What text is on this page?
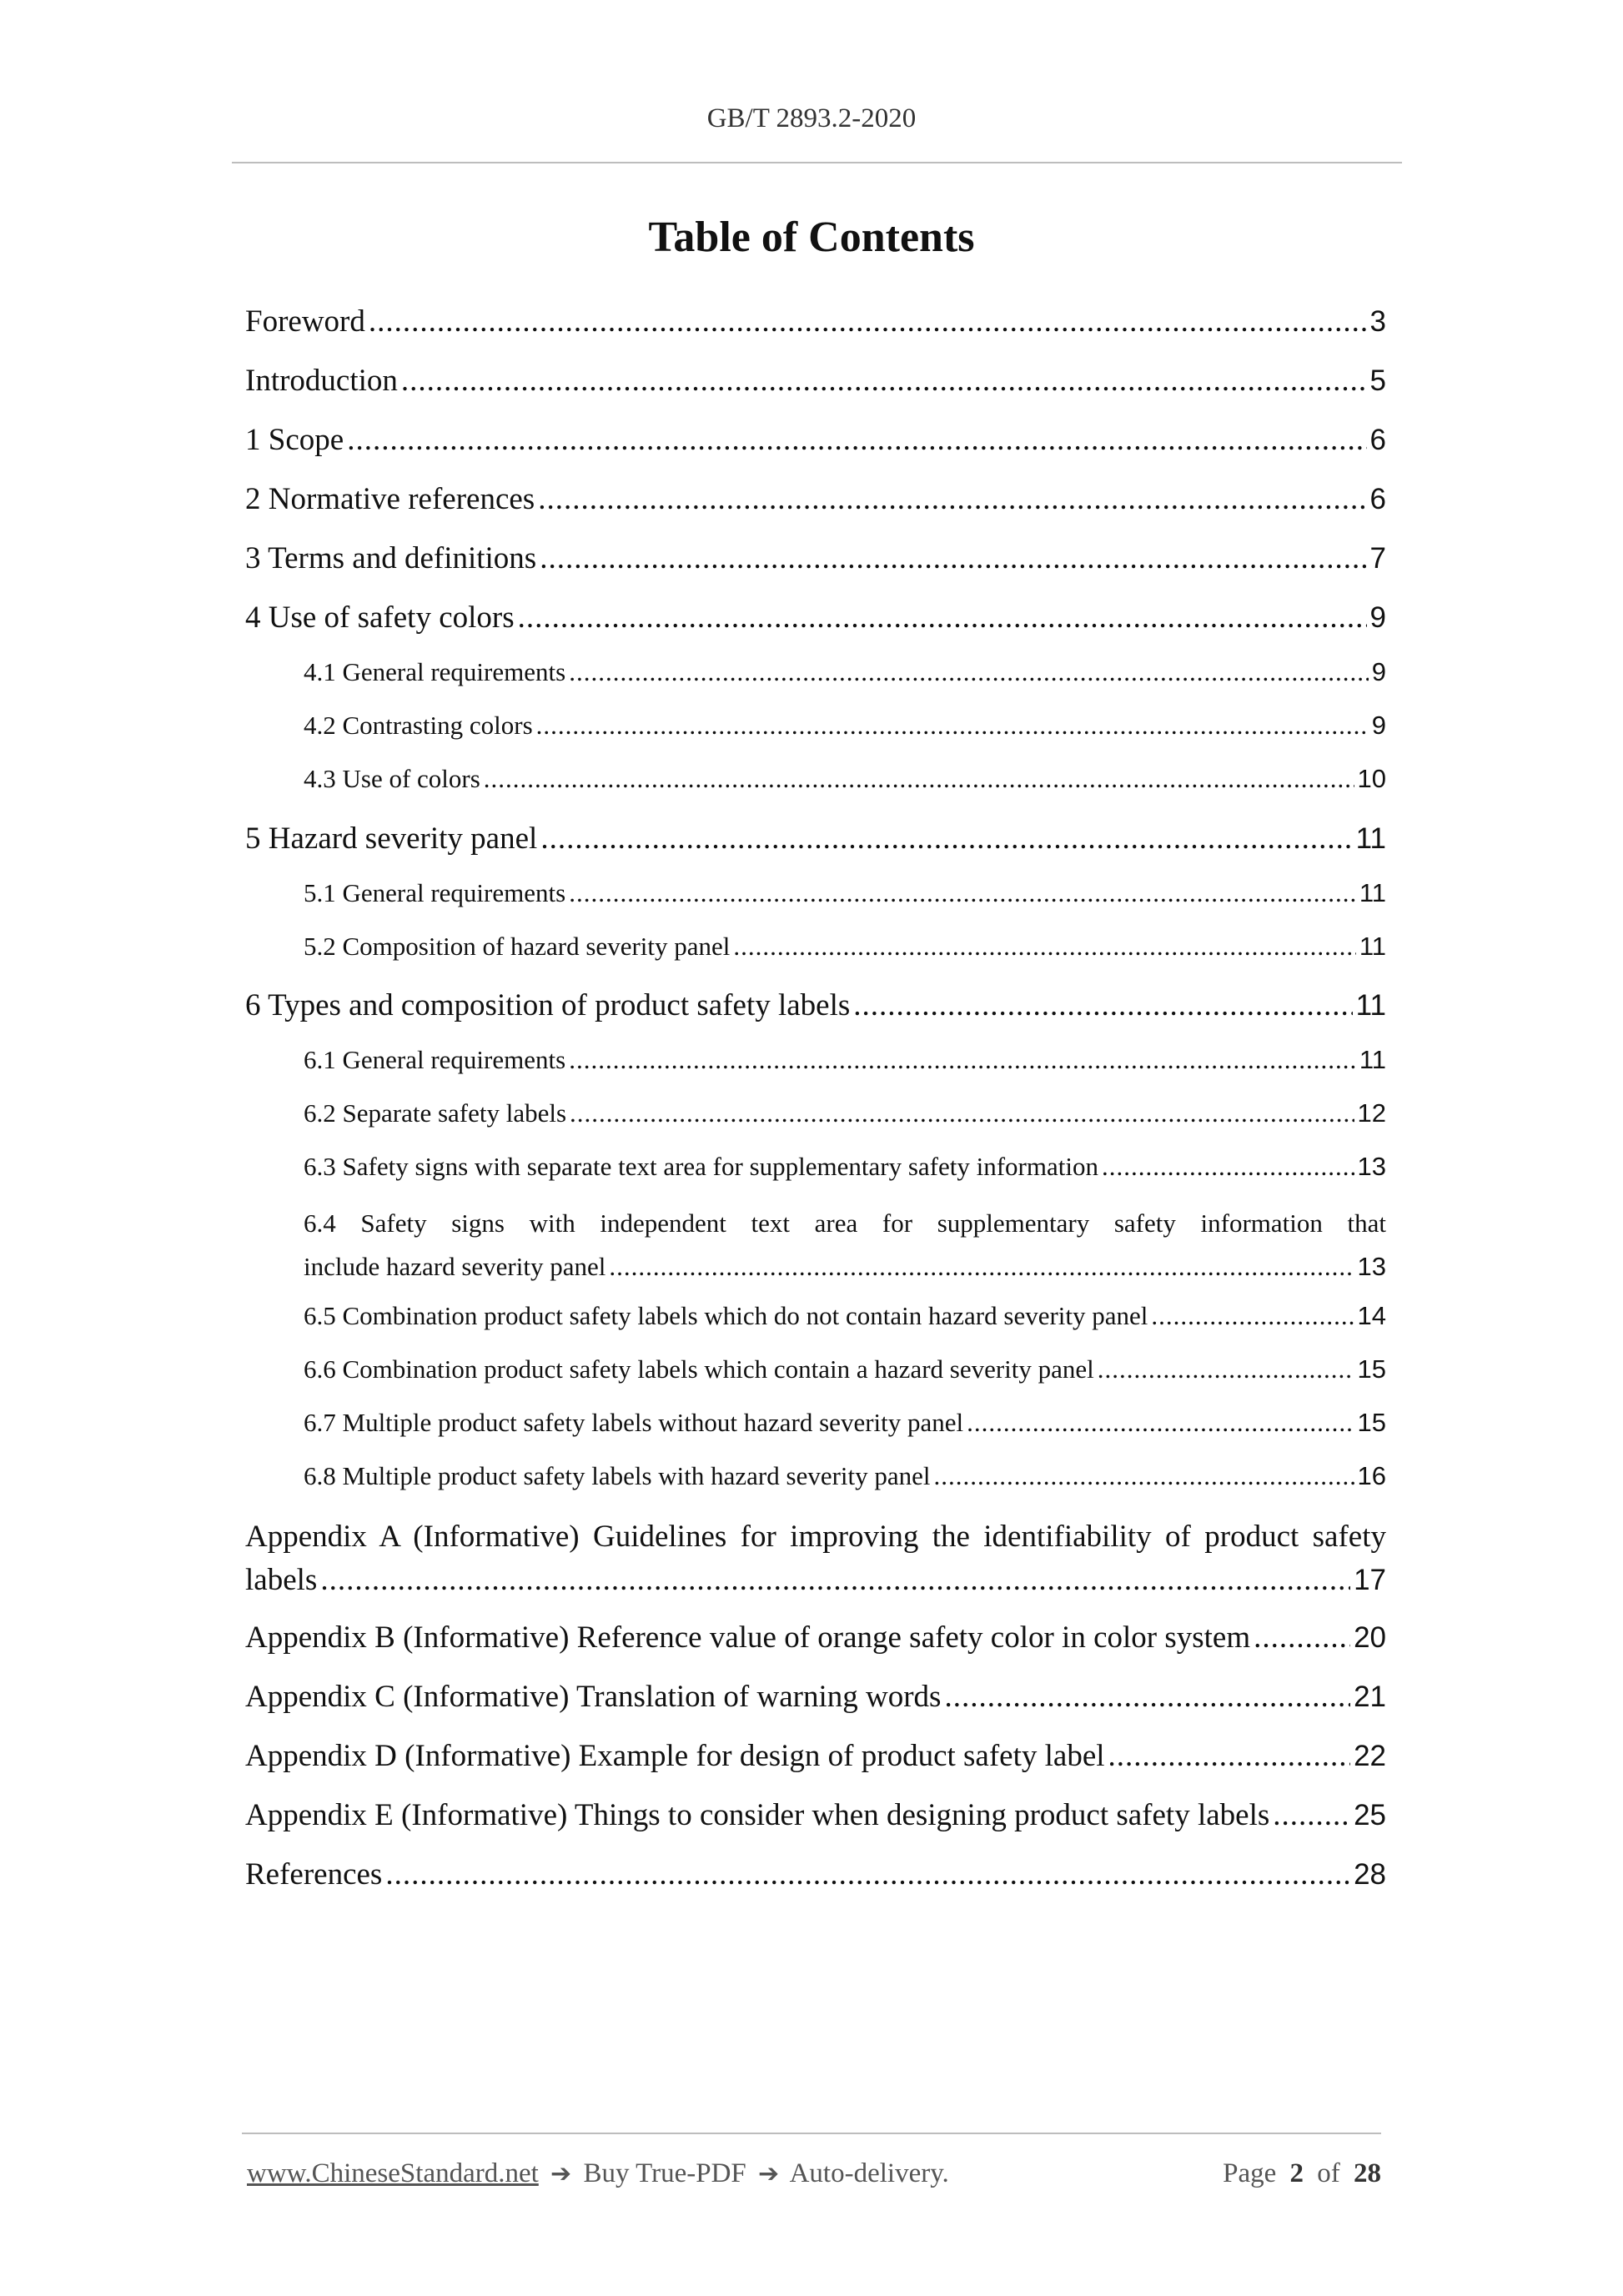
GB/T 2893.2-2020
Table of Contents
Foreword .....	3
Introduction .....	5
1 Scope .....	6
2 Normative references .....	6
3 Terms and definitions .....	7
4 Use of safety colors .....	9
4.1 General requirements .....	9
4.2 Contrasting colors .....	9
4.3 Use of colors .....	10
5 Hazard severity panel .....	11
5.1 General requirements .....	11
5.2 Composition of hazard severity panel .....	11
6 Types and composition of product safety labels .....	11
6.1 General requirements .....	11
6.2 Separate safety labels .....	12
6.3 Safety signs with separate text area for supplementary safety information .....	13
6.4 Safety signs with independent text area for supplementary safety information that
include hazard severity panel .....	13
6.5 Combination product safety labels which do not contain hazard severity panel .....	14
6.6 Combination product safety labels which contain a hazard severity panel .....	15
6.7 Multiple product safety labels without hazard severity panel .....	15
6.8 Multiple product safety labels with hazard severity panel .....	16
Appendix A (Informative) Guidelines for improving the identifiability of product safety
labels .....	17
Appendix B (Informative) Reference value of orange safety color in color system .....	20
Appendix C (Informative) Translation of warning words .....	21
Appendix D (Informative) Example for design of product safety label .....	22
Appendix E (Informative) Things to consider when designing product safety labels .....	25
References .....	28
www.ChineseStandard.net ➔ Buy True-PDF ➔ Auto-delivery.	Page 2 of 28
